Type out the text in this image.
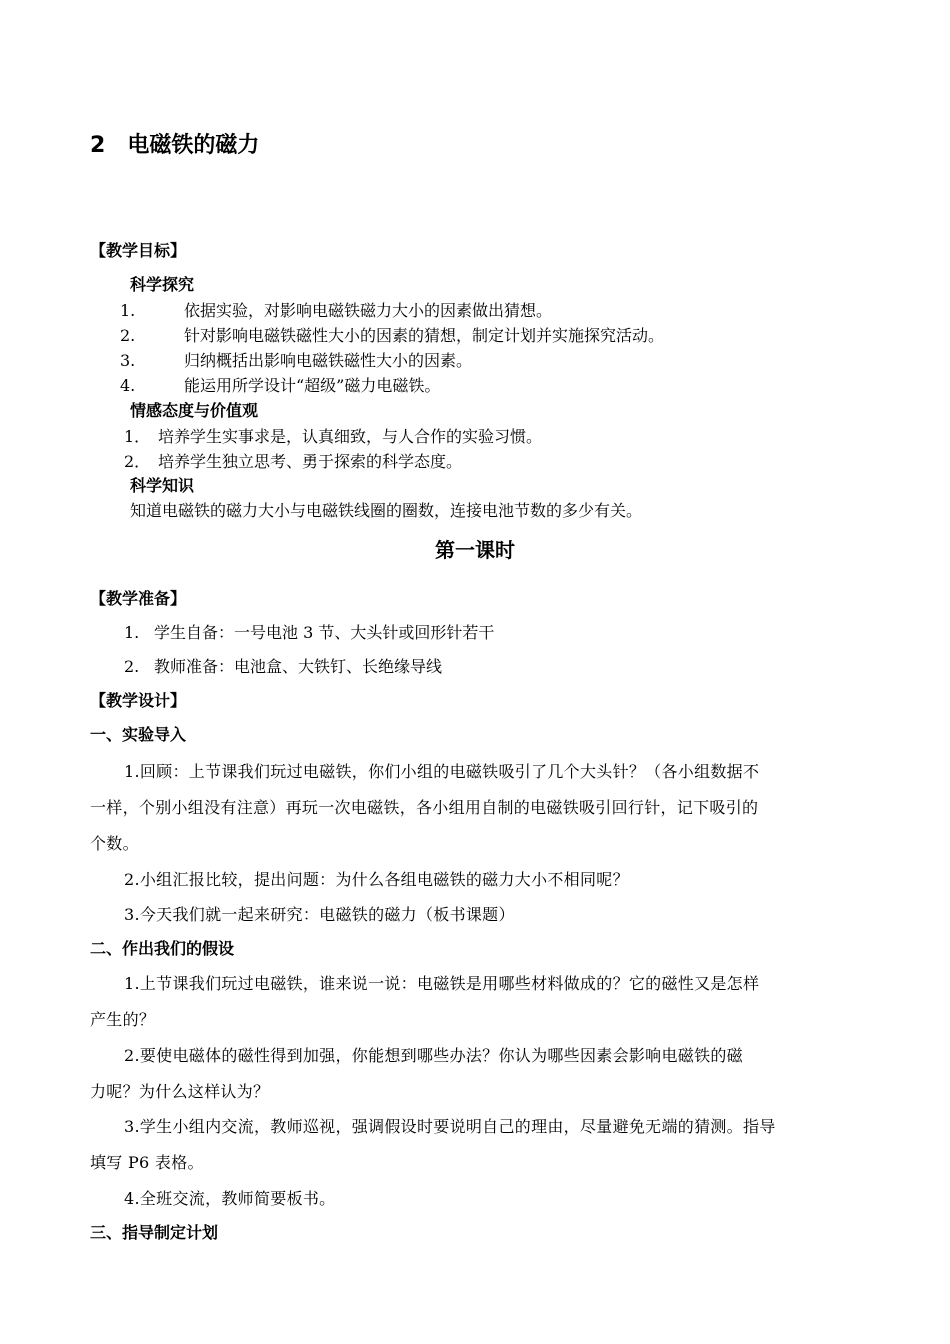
2 电磁铁的磁力
【教学目标】
科学探究
1.	依据实验，对影响电磁铁磁力大小的因素做出猜想。
2.	针对影响电磁铁磁性大小的因素的猜想，制定计划并实施探究活动。
3.	归纳概括出影响电磁铁磁性大小的因素。
4.	能运用所学设计“超级”磁力电磁铁。
情感态度与价值观
1． 培养学生实事求是，认真细致，与人合作的实验习惯。
2． 培养学生独立思考、勇于探索的科学态度。
科学知识
知道电磁铁的磁力大小与电磁铁线圈的圈数，连接电池节数的多少有关。
第一课时
【教学准备】
1. 学生自备：一号电池 3 节、大头针或回形针若干
2. 教师准备：电池盒、大铁钉、长绝缘导线
【教学设计】
一、实验导入
1.回顾：上节课我们玩过电磁铁，你们小组的电磁铁吸引了几个大头针？（各小组数据不
一样，个别小组没有注意）再玩一次电磁铁，各小组用自制的电磁铁吸引回行针，记下吸引的
个数。
2.小组汇报比较，提出问题：为什么各组电磁铁的磁力大小不相同呢？
3.今天我们就一起来研究：电磁铁的磁力（板书课题）
二、作出我们的假设
1.上节课我们玩过电磁铁，谁来说一说：电磁铁是用哪些材料做成的？它的磁性又是怎样
产生的？
2.要使电磁体的磁性得到加强，你能想到哪些办法？你认为哪些因素会影响电磁铁的磁
力呢？为什么这样认为？
3.学生小组内交流，教师巡视，强调假设时要说明自己的理由，尽量避免无端的猜测。指导
填写 P6 表格。
4.全班交流，教师简要板书。
三、指导制定计划
